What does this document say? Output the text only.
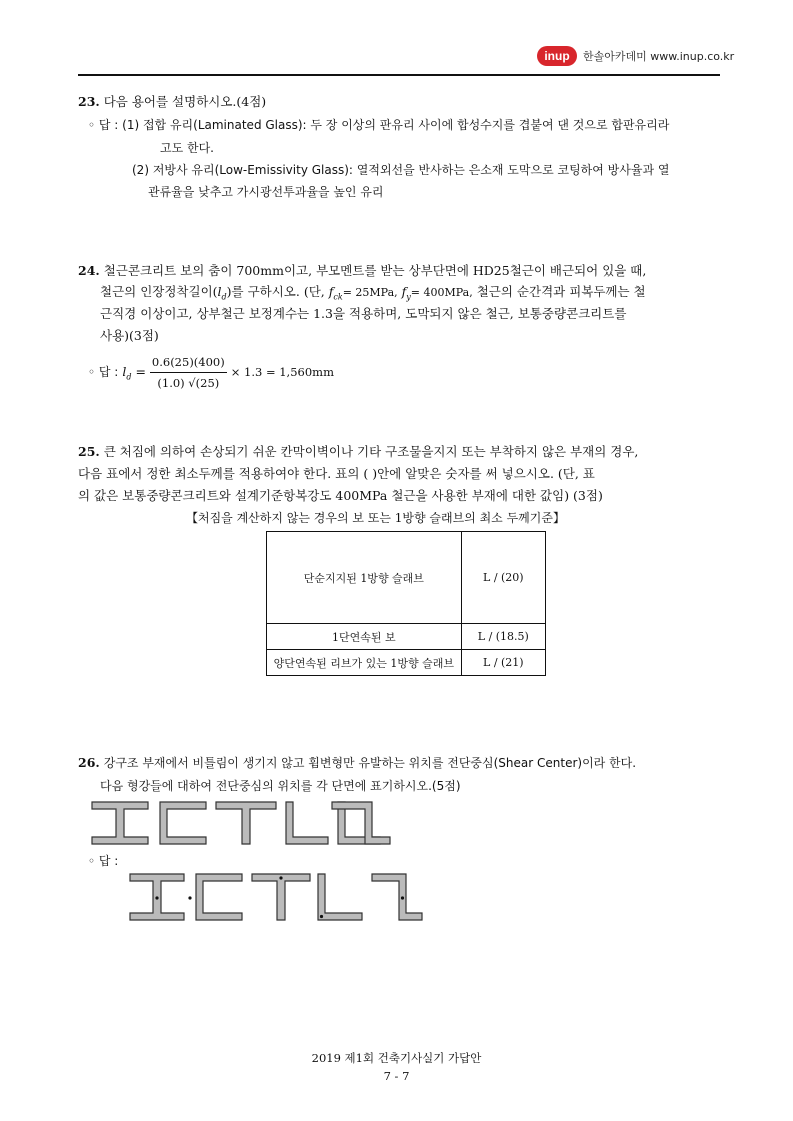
inup	한솔아카데미 www.inup.co.kr
23. 다음 용어를 설명하시오.(4점)
◦ 답 : (1) 접합 유리(Laminated Glass): 두 장 이상의 판유리 사이에 합성수지를 겹붙여 댄 것으로 합판유리라
고도 한다.
(2) 저방사 유리(Low-Emissivity Glass): 열적외선을 반사하는 은소재 도막으로 코팅하여 방사율과 열
관류율을 낮추고 가시광선투과율을 높인 유리
24. 철근콘크리트 보의 춤이 700mm이고, 부모멘트를 받는 상부단면에 HD25철근이 배근되어 있을 때,
철근의 인장정착길이$(l_d)$를 구하시오. (단, $f_{ck}= 25MPa$, $f_y= 400MPa$, 철근의 순간격과 피복두께는 철
근직경 이상이고, 상부철근 보정계수는 1.3을 적용하며, 도막되지 않은 철근, 보통중량콘크리트를
사용)(3점)
◦ 답 : $l_d = \frac{0.6(25)(400)}{(1.0) √(25)} \times 1.3 = 1,560mm$
25. 큰 처짐에 의하여 손상되기 쉬운 칸막이벽이나 기타 구조물을지지 또는 부착하지 않은 부재의 경우,
다음 표에서 정한 최소두께를 적용하여야 한다. 표의 ( )안에 알맞은 숫자를 써 넣으시오. (단, 표
의 값은 보통중량콘크리트와 설계기준항복강도 400MPa 철근을 사용한 부재에 대한 값임) (3점)
【처짐을 계산하지 않는 경우의 보 또는 1방향 슬래브의 최소 두께기준】
단순지지된 1방향 슬래브	L / (20)
1단연속된 보	L / (18.5)
양단연속된 리브가 있는 1방향 슬래브	L / (21)
26. 강구조 부재에서 비틀림이 생기지 않고 휨변형만 유발하는 위치를 전단중심(Shear Center)이라 한다.
다음 형강들에 대하여 전단중심의 위치를 각 단면에 표기하시오.(5점)
◦ 답 :
2019 제1회 건축기사실기 가답안
7 - 7
